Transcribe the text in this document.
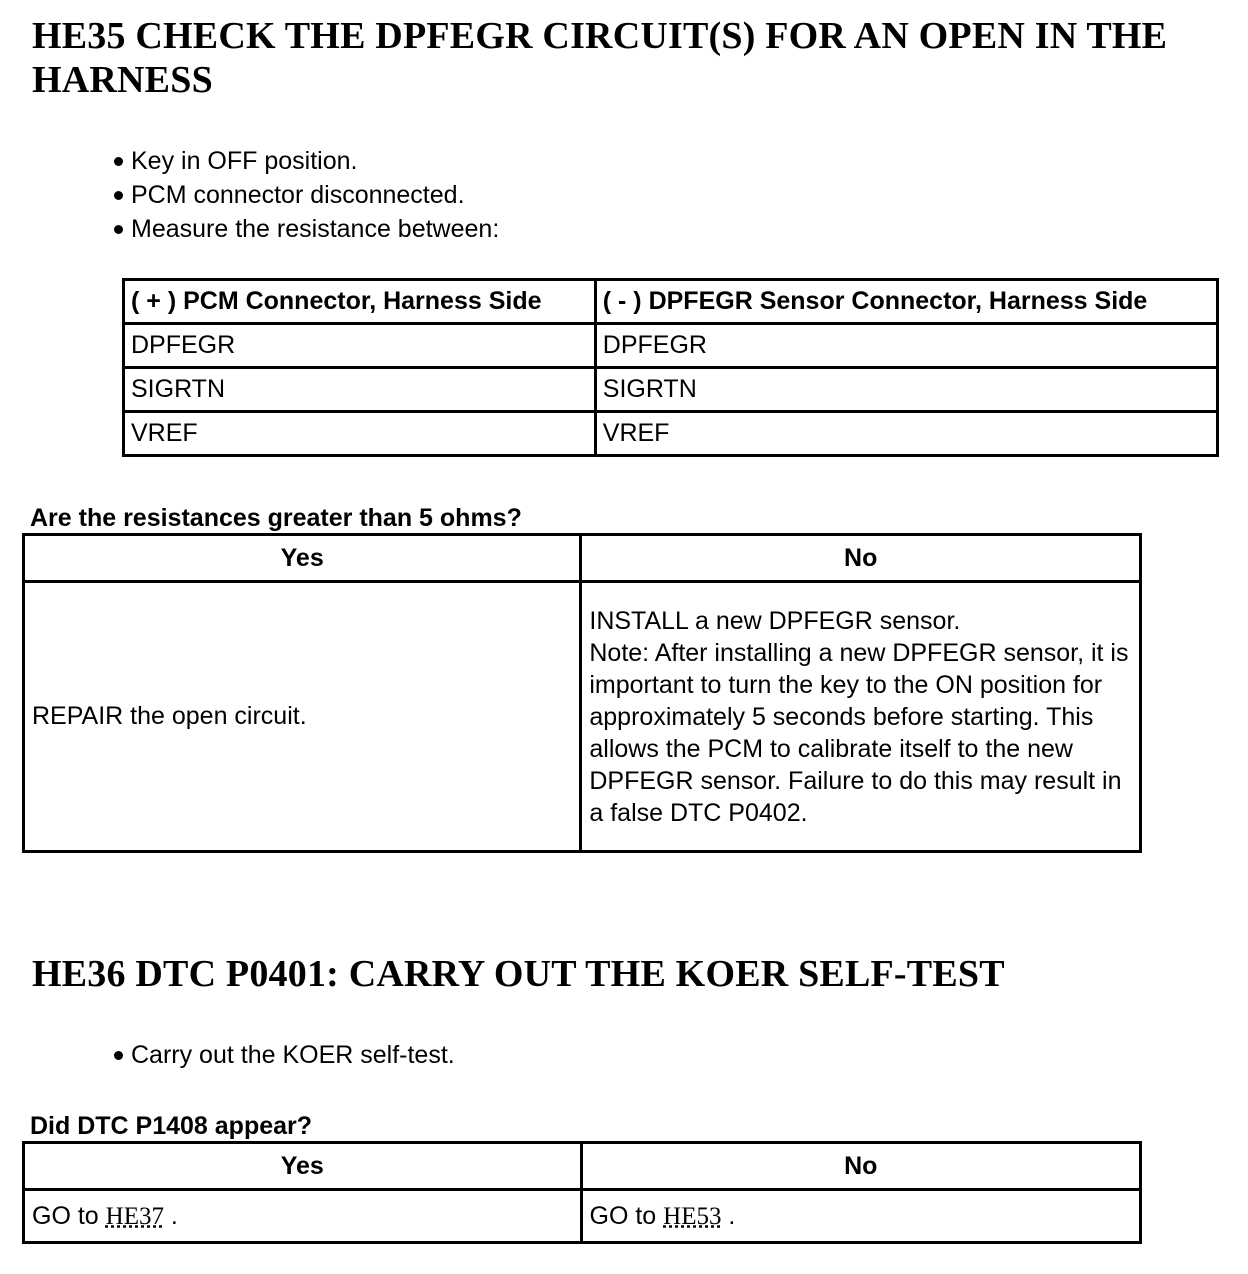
HE35 CHECK THE DPFEGR CIRCUIT(S) FOR AN OPEN IN THE HARNESS
Key in OFF position.
PCM connector disconnected.
Measure the resistance between:
( + ) PCM Connector, Harness Side	( - ) DPFEGR Sensor Connector, Harness Side
DPFEGR	DPFEGR
SIGRTN	SIGRTN
VREF	VREF

Are the resistances greater than 5 ohms?

Yes	No
REPAIR the open circuit.	INSTALL a new DPFEGR sensor.
Note: After installing a new DPFEGR sensor, it is important to turn the key to the ON position for approximately 5 seconds before starting. This allows the PCM to calibrate itself to the new DPFEGR sensor. Failure to do this may result in a false DTC P0402.
HE36 DTC P0401: CARRY OUT THE KOER SELF-TEST
Carry out the KOER self-test.

Did DTC P1408 appear?

Yes	No
GO to HE37 .	GO to HE53 .
